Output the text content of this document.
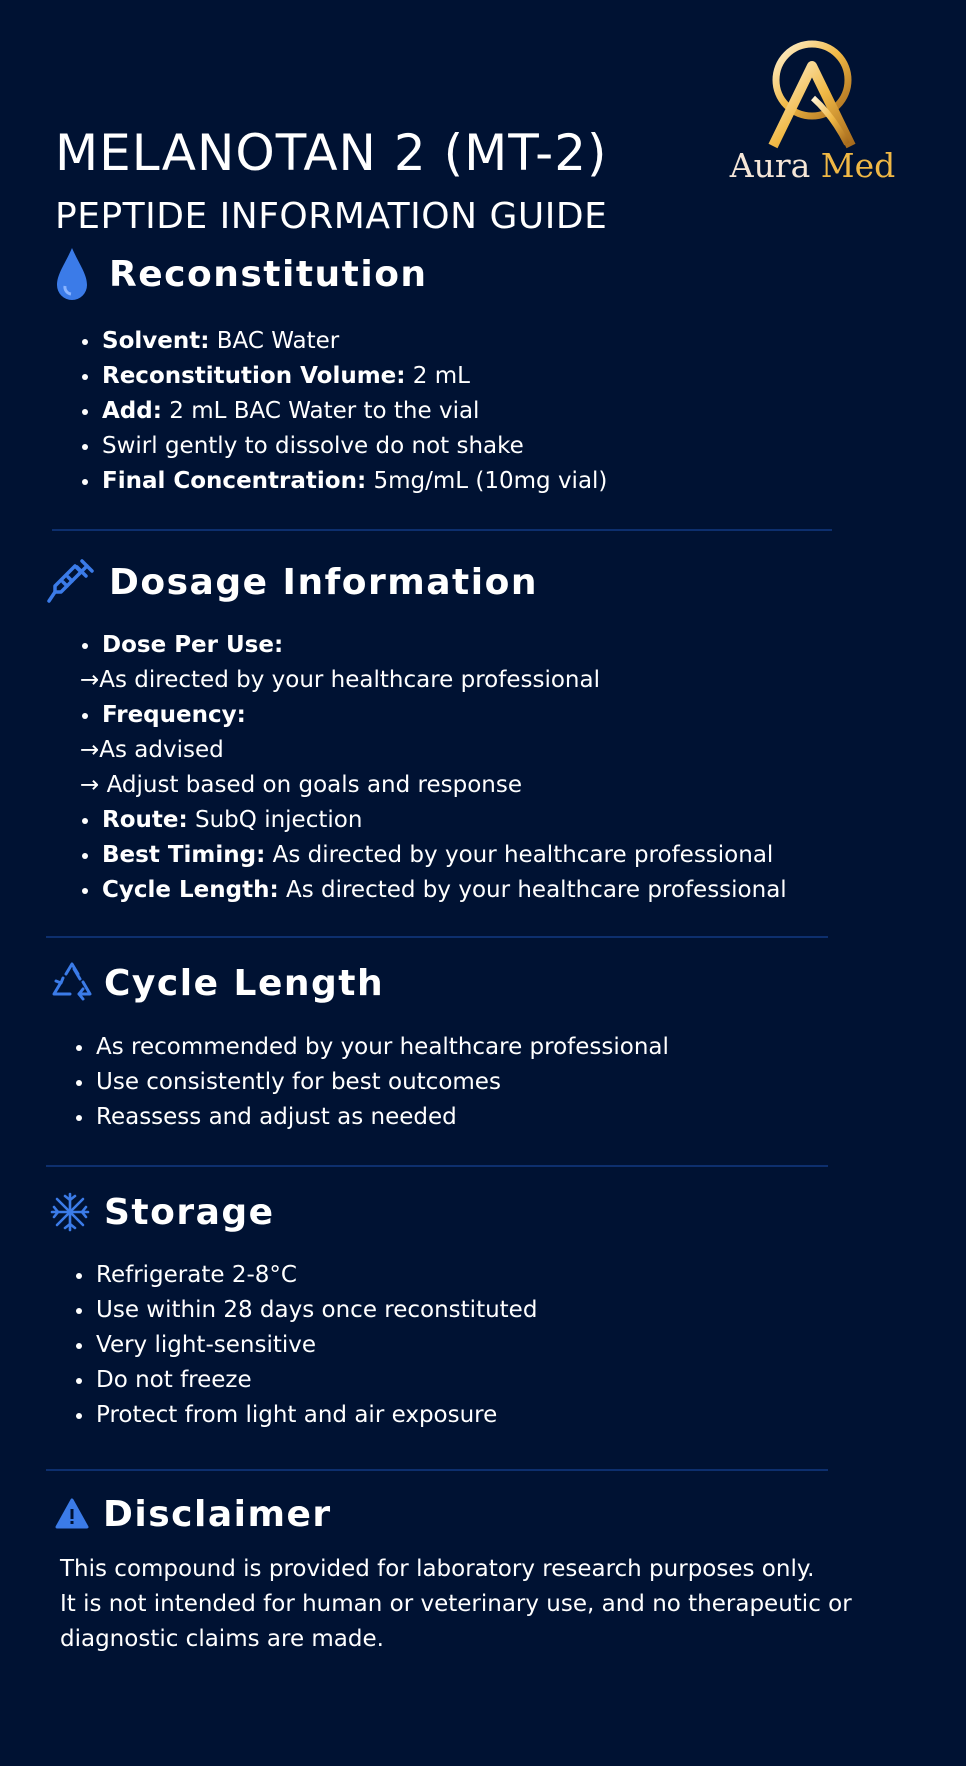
MELANOTAN 2 (MT-2)
PEPTIDE INFORMATION GUIDE
Aura Med
Reconstitution
Solvent: BAC Water
Reconstitution Volume: 2 mL
Add: 2 mL BAC Water to the vial
Swirl gently to dissolve do not shake
Final Concentration: 5mg/mL (10mg vial)
Dosage Information
Dose Per Use:
→As directed by your healthcare professional
Frequency:
→As advised
→ Adjust based on goals and response
Route: SubQ injection
Best Timing: As directed by your healthcare professional
Cycle Length: As directed by your healthcare professional
Cycle Length
As recommended by your healthcare professional
Use consistently for best outcomes
Reassess and adjust as needed
Storage
Refrigerate 2-8°C
Use within 28 days once reconstituted
Very light-sensitive
Do not freeze
Protect from light and air exposure
Disclaimer

This compound is provided for laboratory research purposes only.

It is not intended for human or veterinary use, and no therapeutic or

diagnostic claims are made.
